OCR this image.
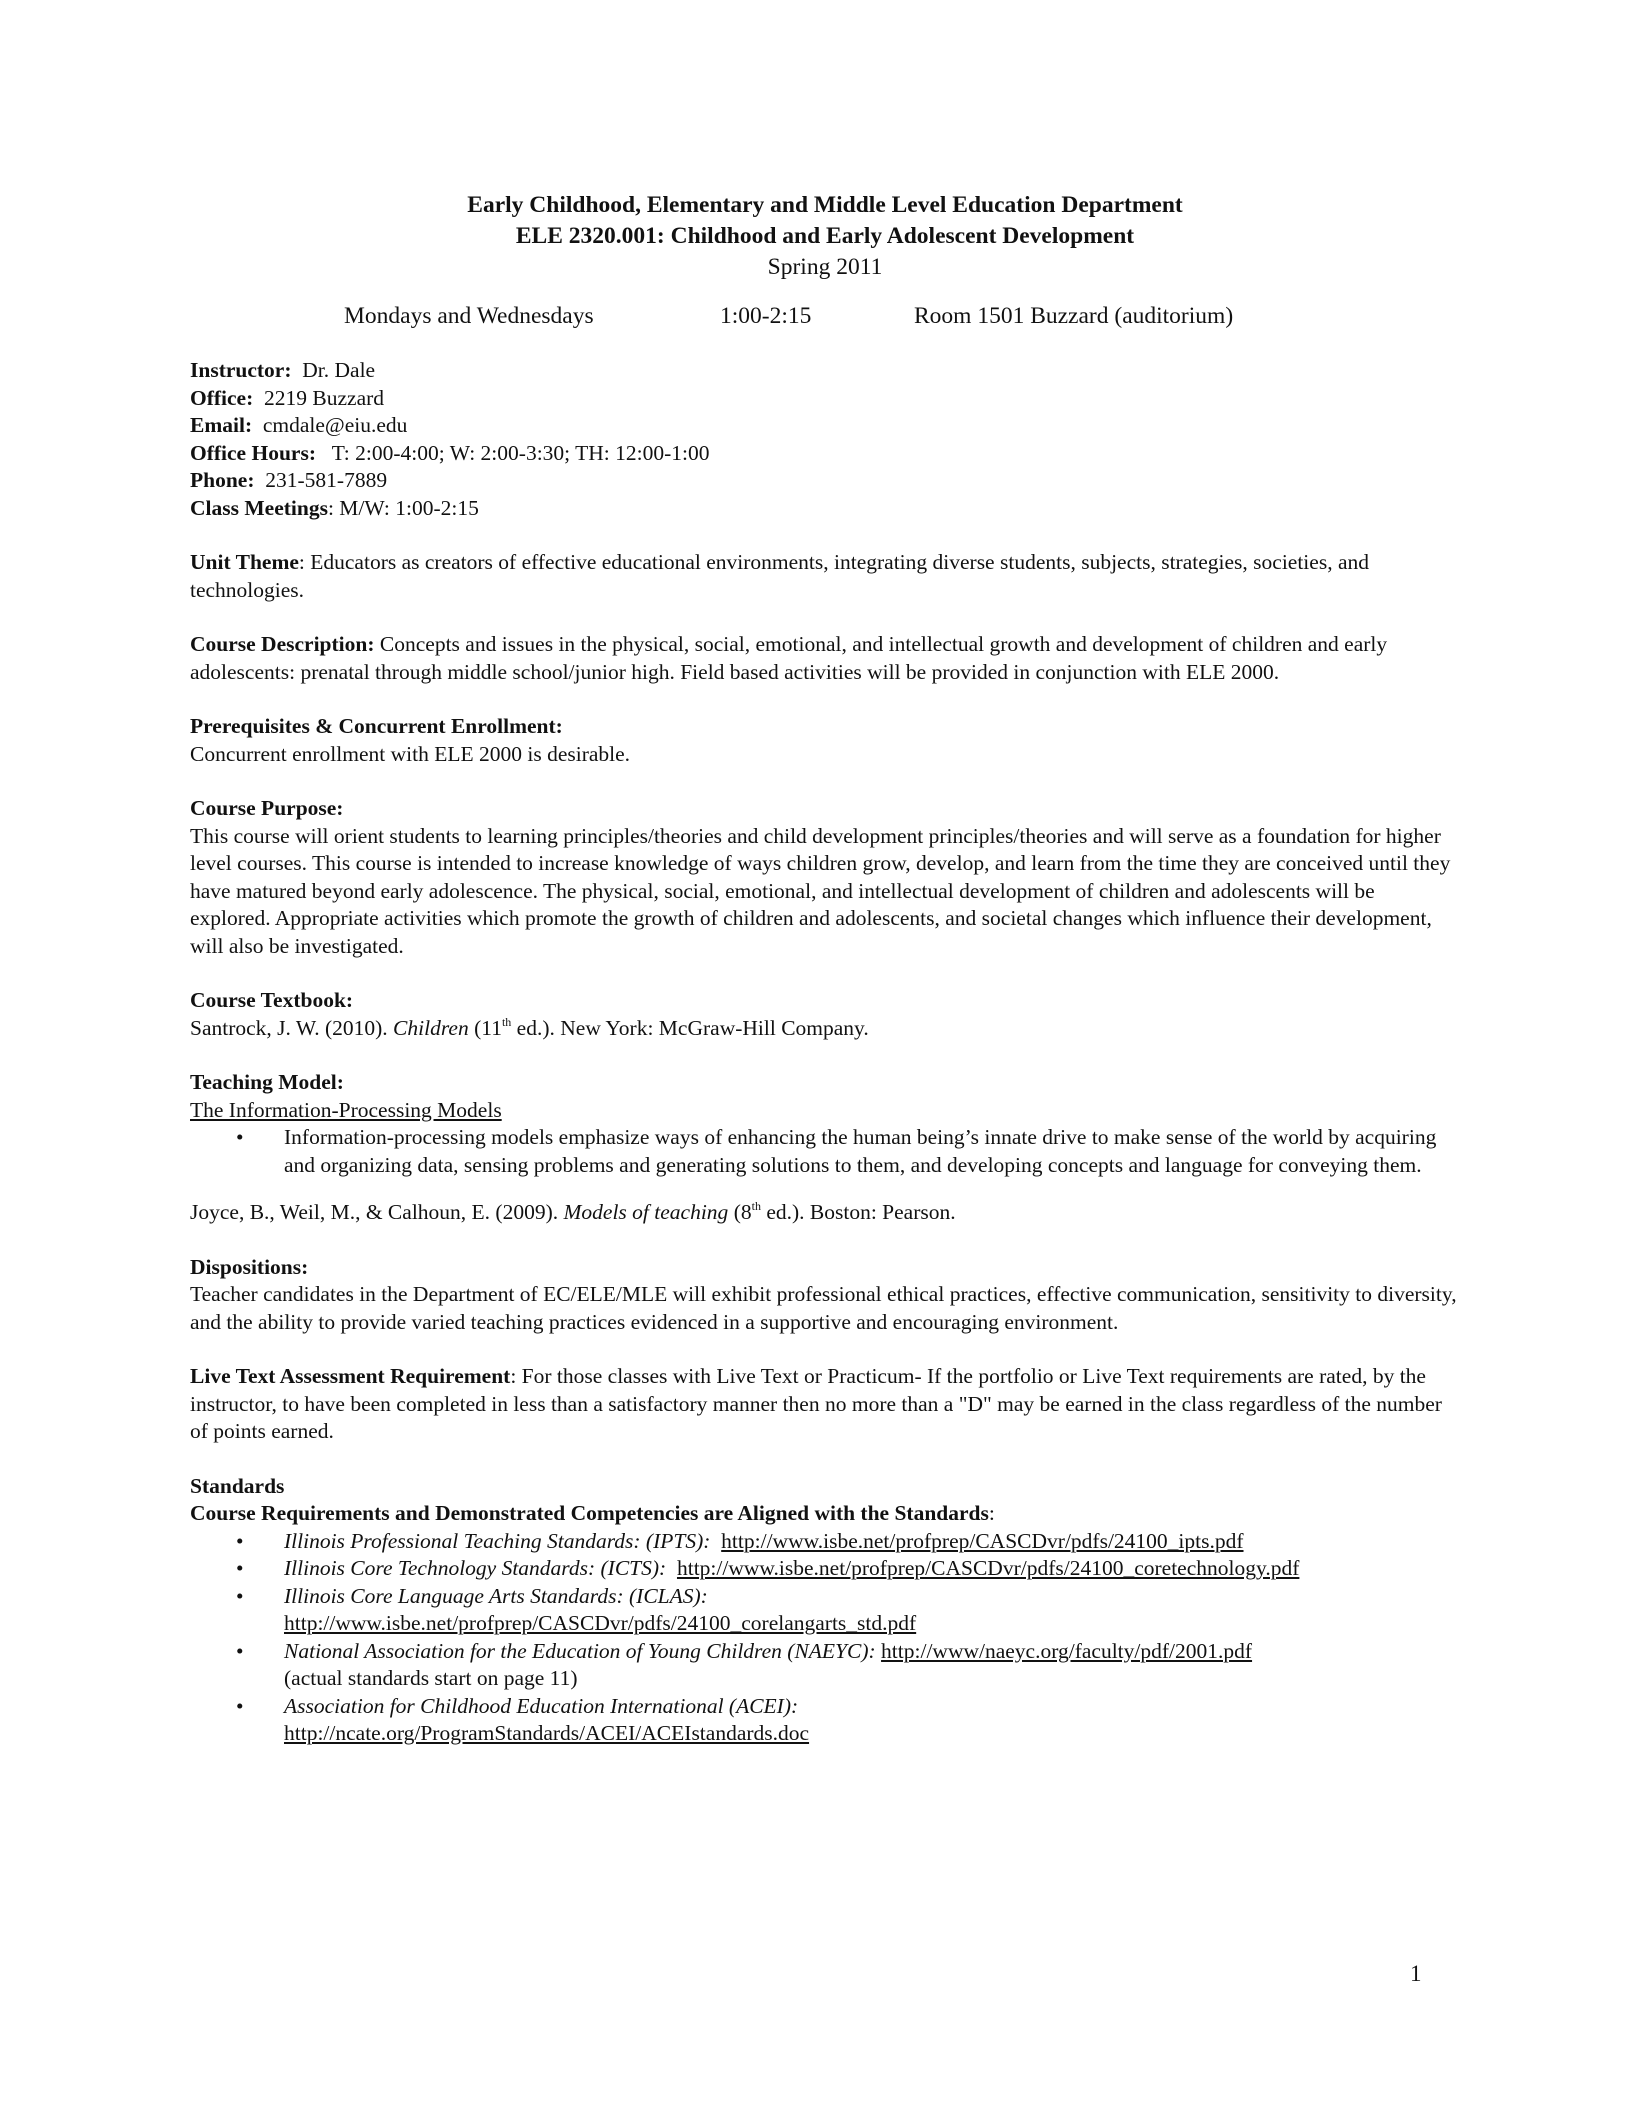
Early Childhood, Elementary and Middle Level Education Department
ELE 2320.001: Childhood and Early Adolescent Development
Spring 2011
Mondays and Wednesdays	1:00-2:15	Room 1501 Buzzard (auditorium)
Instructor: Dr. Dale
Office: 2219 Buzzard
Email: cmdale@eiu.edu
Office Hours: T: 2:00-4:00; W: 2:00-3:30; TH: 12:00-1:00
Phone: 231-581-7889
Class Meetings: M/W: 1:00-2:15

Unit Theme: Educators as creators of effective educational environments, integrating diverse students, subjects, strategies, societies, and technologies.

Course Description: Concepts and issues in the physical, social, emotional, and intellectual growth and development of children and early adolescents: prenatal through middle school/junior high. Field based activities will be provided in conjunction with ELE 2000.

Prerequisites & Concurrent Enrollment:
Concurrent enrollment with ELE 2000 is desirable.
Course Purpose:

This course will orient students to learning principles/theories and child development principles/theories and will serve as a foundation for higher level courses. This course is intended to increase knowledge of ways children grow, develop, and learn from the time they are conceived until they have matured beyond early adolescence. The physical, social, emotional, and intellectual development of children and adolescents will be explored. Appropriate activities which promote the growth of children and adolescents, and societal changes which influence their development, will also be investigated.

Course Textbook:
Santrock, J. W. (2010). Children (11th ed.). New York: McGraw-Hill Company.
Teaching Model:
The Information-Processing Models
• Information-processing models emphasize ways of enhancing the human being’s innate drive to make sense of the world by acquiring and organizing data, sensing problems and generating solutions to them, and developing concepts and language for conveying them.
Joyce, B., Weil, M., & Calhoun, E. (2009). Models of teaching (8th ed.). Boston: Pearson.
Dispositions:

Teacher candidates in the Department of EC/ELE/MLE will exhibit professional ethical practices, effective communication, sensitivity to diversity, and the ability to provide varied teaching practices evidenced in a supportive and encouraging environment.

Live Text Assessment Requirement: For those classes with Live Text or Practicum- If the portfolio or Live Text requirements are rated, by the instructor, to have been completed in less than a satisfactory manner then no more than a "D" may be earned in the class regardless of the number of points earned.

Standards
Course Requirements and Demonstrated Competencies are Aligned with the Standards:
• Illinois Professional Teaching Standards: (IPTS): http://www.isbe.net/profprep/CASCDvr/pdfs/24100_ipts.pdf
• Illinois Core Technology Standards: (ICTS): http://www.isbe.net/profprep/CASCDvr/pdfs/24100_coretechnology.pdf
• Illinois Core Language Arts Standards: (ICLAS):
http://www.isbe.net/profprep/CASCDvr/pdfs/24100_corelangarts_std.pdf
• National Association for the Education of Young Children (NAEYC): http://www/naeyc.org/faculty/pdf/2001.pdf
(actual standards start on page 11)
• Association for Childhood Education International (ACEI):
http://ncate.org/ProgramStandards/ACEI/ACEIstandards.doc
1
